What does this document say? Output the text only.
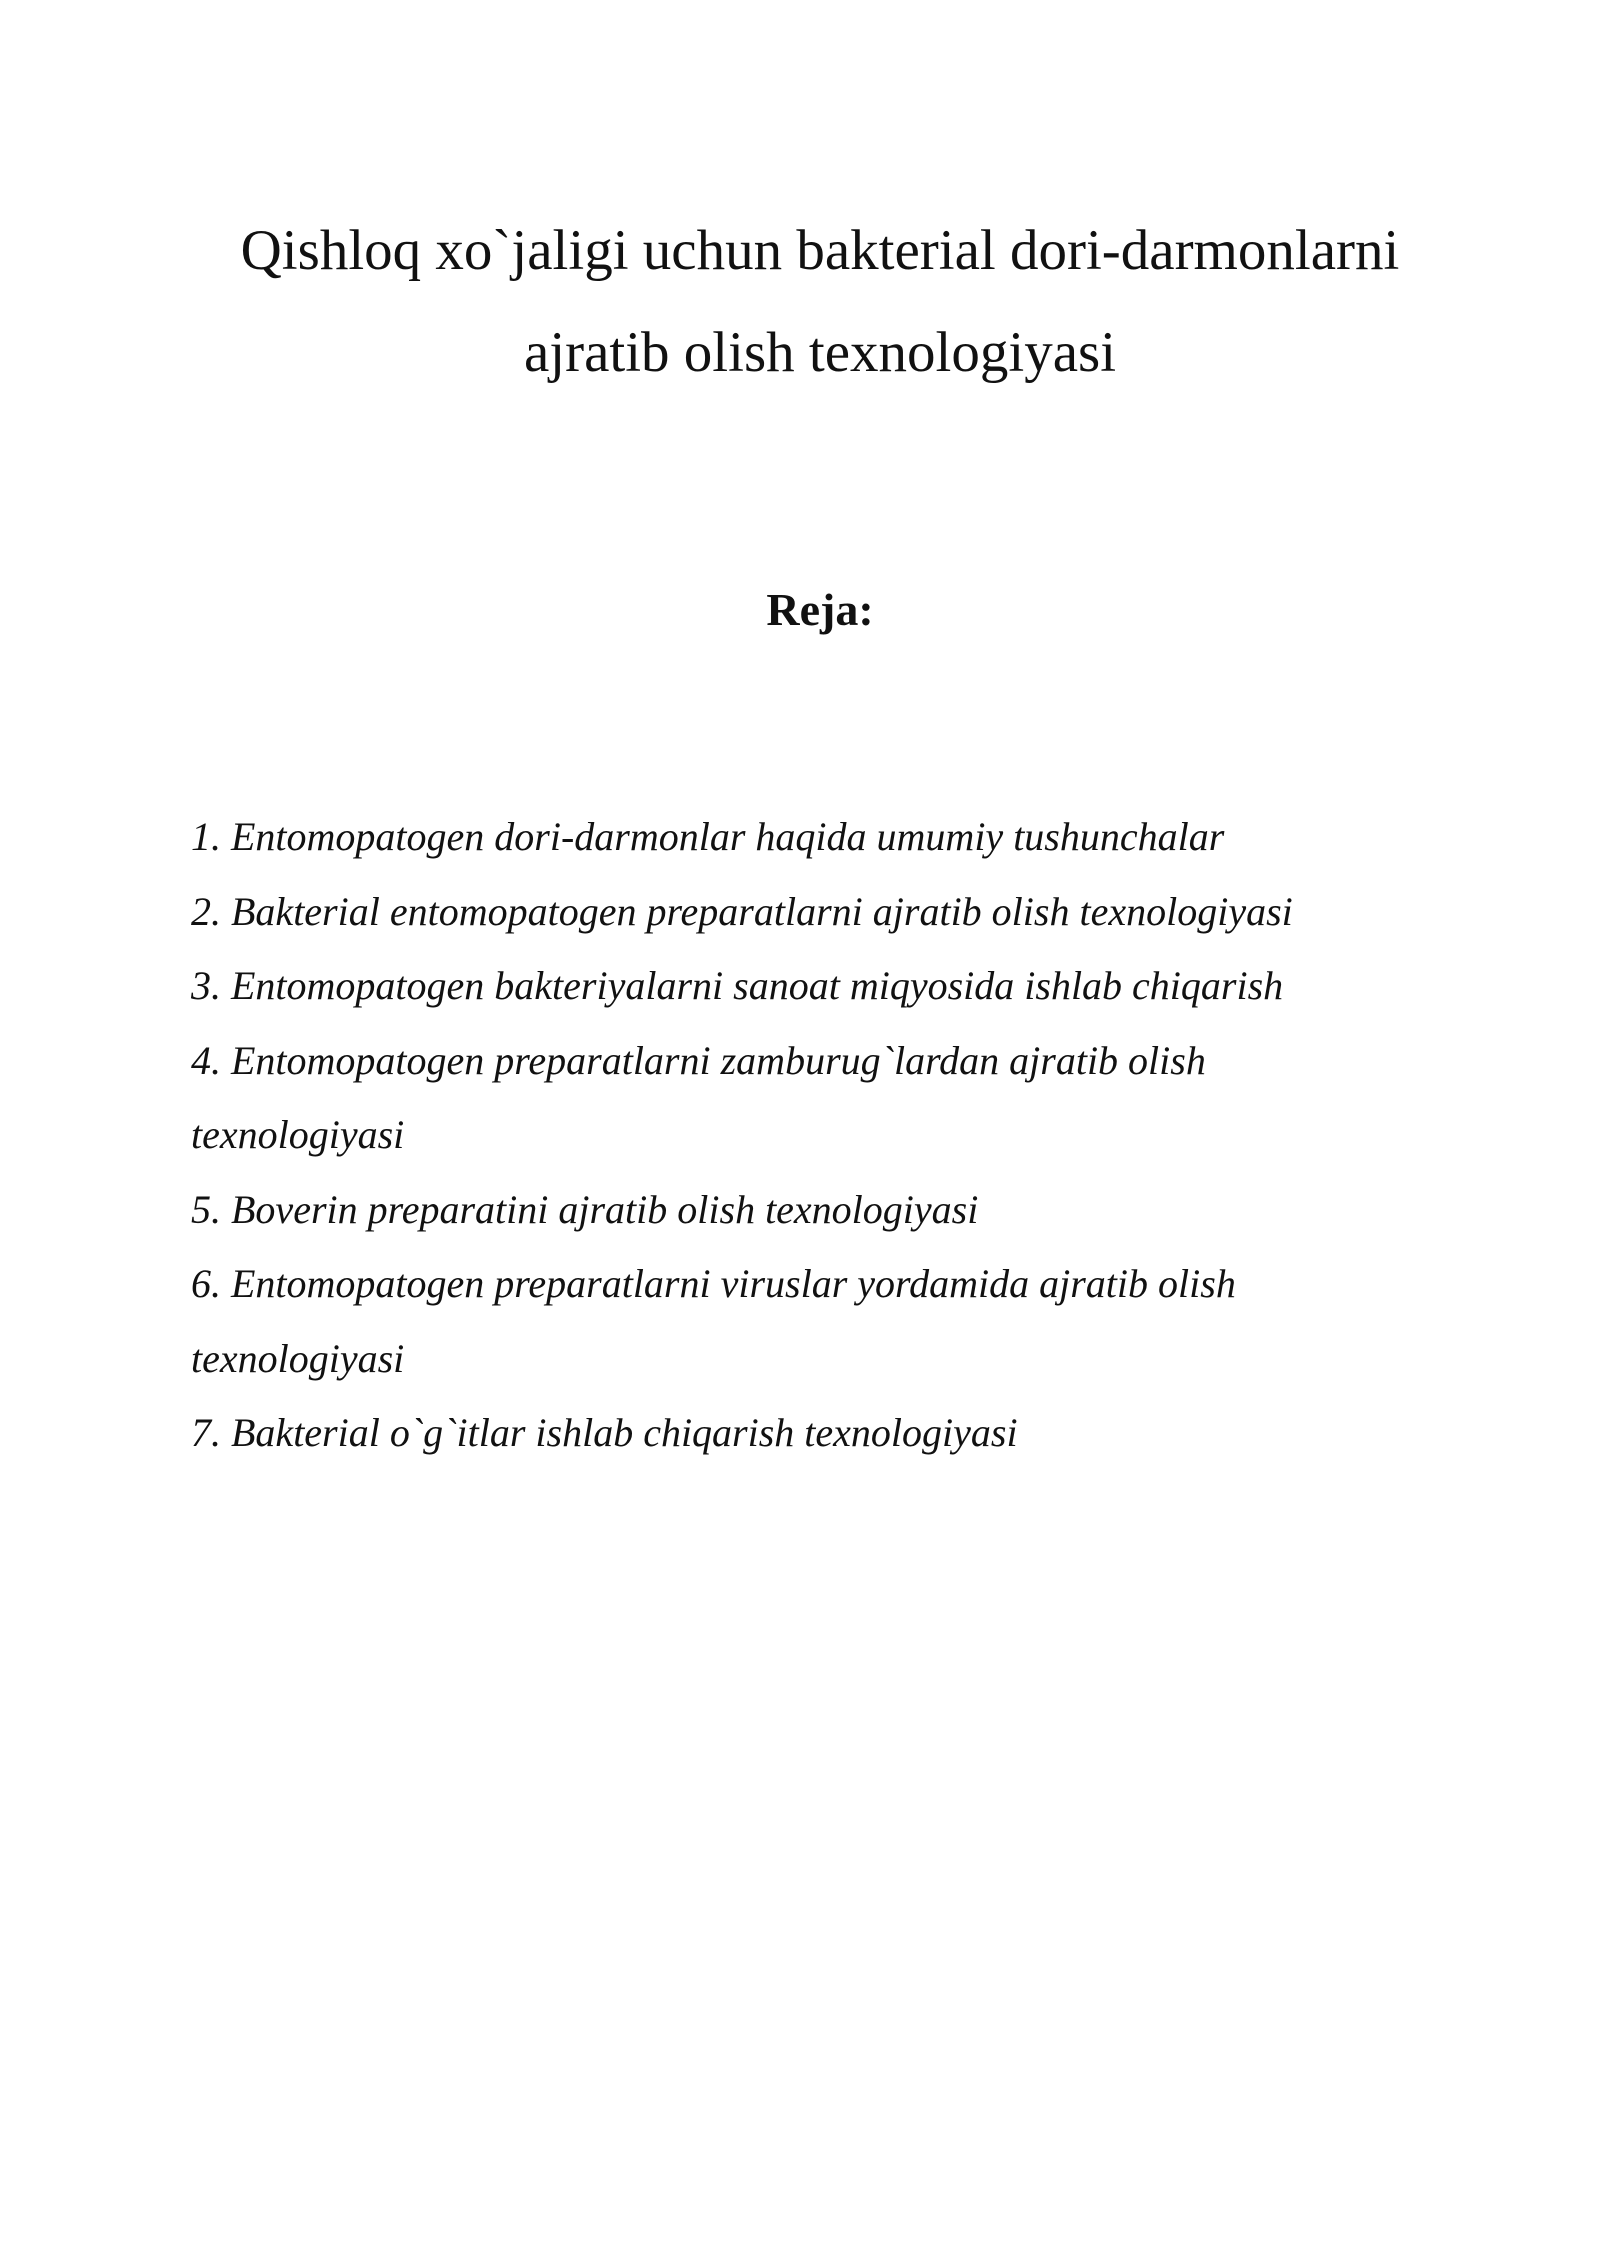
Qishloq xo`jaligi uchun bakterial dori-darmonlarni
ajratib olish texnologiyasi
Reja:
1. Entomopatogen dori-darmonlar haqida umumiy tushunchalar
2. Bakterial entomopatogen preparatlarni ajratib olish texnologiyasi
3. Entomopatogen bakteriyalarni sanoat miqyosida ishlab chiqarish
4. Entomopatogen preparatlarni zamburug`lardan ajratib olish
texnologiyasi
5. Boverin preparatini ajratib olish texnologiyasi
6. Entomopatogen preparatlarni viruslar yordamida ajratib olish
texnologiyasi
7. Bakterial o`g`itlar ishlab chiqarish texnologiyasi
